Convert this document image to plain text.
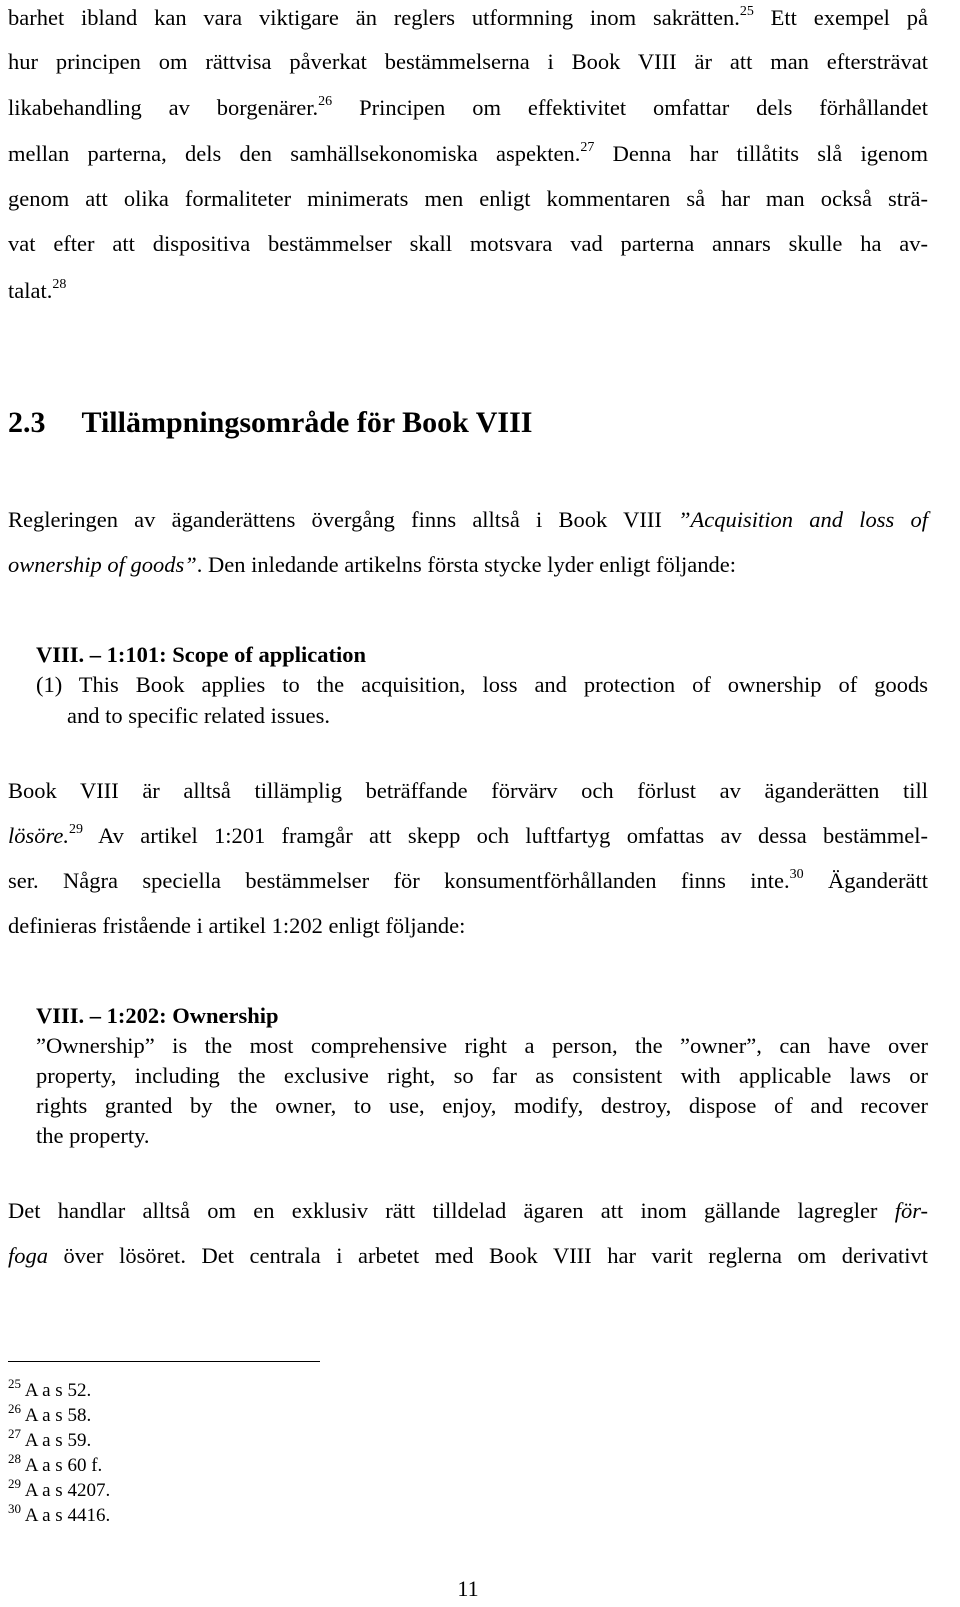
barhet ibland kan vara viktigare än reglers utformning inom sakrätten.$^{25}$ Ett exempel på
hur principen om rättvisa påverkat bestämmelserna i Book VIII är att man eftersträvat
likabehandling av borgenärer.$^{26}$ Principen om effektivitet omfattar dels förhållandet
mellan parterna, dels den samhällsekonomiska aspekten.$^{27}$ Denna har tillåtits slå igenom
genom att olika formaliteter minimerats men enligt kommentaren så har man också strä-
vat efter att dispositiva bestämmelser skall motsvara vad parterna annars skulle ha av-
talat.$^{28}$
2.3 Tillämpningsområde för Book VIII
Regleringen av äganderättens övergång finns alltså i Book VIII ”Acquisition and loss of
ownership of goods”. Den inledande artikelns första stycke lyder enligt följande:
VIII. – 1:101: Scope of application
(1) This Book applies to the acquisition, loss and protection of ownership of goods
and to specific related issues.
Book VIII är alltså tillämplig beträffande förvärv och förlust av äganderätten till
lösöre.$^{29}$ Av artikel 1:201 framgår att skepp och luftfartyg omfattas av dessa bestämmel-
ser. Några speciella bestämmelser för konsumentförhållanden finns inte.$^{30}$ Äganderätt
definieras fristående i artikel 1:202 enligt följande:
VIII. – 1:202: Ownership
”Ownership” is the most comprehensive right a person, the ”owner”, can have over
property, including the exclusive right, so far as consistent with applicable laws or
rights granted by the owner, to use, enjoy, modify, destroy, dispose of and recover
the property.
Det handlar alltså om en exklusiv rätt tilldelad ägaren att inom gällande lagregler för-
foga över lösöret. Det centrala i arbetet med Book VIII har varit reglerna om derivativt
$^{25}$ A a s 52.
$^{26}$ A a s 58.
$^{27}$ A a s 59.
$^{28}$ A a s 60 f.
$^{29}$ A a s 4207.
$^{30}$ A a s 4416.
11
